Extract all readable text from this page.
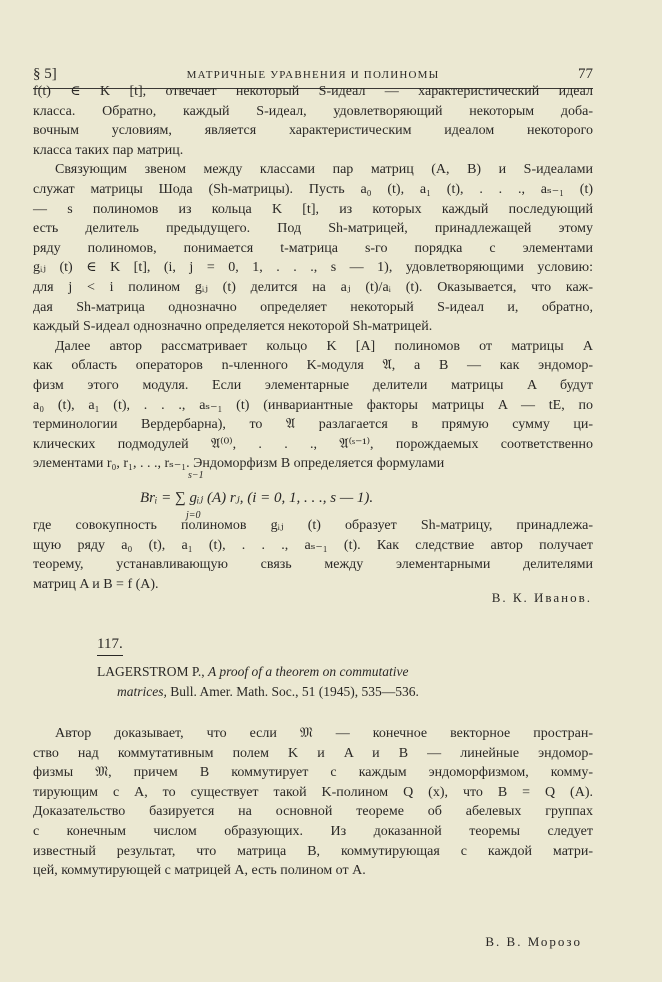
§ 5]	МАТРИЧНЫЕ УРАВНЕНИЯ И ПОЛИНОМЫ	77
f(t) ∈ K [t], отвечает некоторый S-идеал — характеристический идеал
класса. Обратно, каждый S-идеал, удовлетворяющий некоторым доба-
вочным условиям, является характеристическим идеалом некоторого
класса таких пар матриц.
Связующим звеном между классами пар матриц (A, B) и S-идеалами
служат матрицы Шода (Sh-матрицы). Пусть a₀ (t), a₁ (t), . . ., aₛ₋₁ (t)
— s полиномов из кольца K [t], из которых каждый последующий
есть делитель предыдущего. Под Sh-матрицей, принадлежащей этому
ряду полиномов, понимается t-матрица s-го порядка с элементами
gᵢⱼ (t) ∈ K [t], (i, j = 0, 1, . . ., s — 1), удовлетворяющими условию:
для j < i полином gᵢⱼ (t) делится на aⱼ (t)/aᵢ (t). Оказывается, что каж-
дая Sh-матрица однозначно определяет некоторый S-идеал и, обратно,
каждый S-идеал однозначно определяется некоторой Sh-матрицей.
Далее автор рассматривает кольцо K [A] полиномов от матрицы A
как область операторов n-членного K-модуля 𝔄, а B — как эндомор-
физм этого модуля. Если элементарные делители матрицы A будут
a₀ (t), a₁ (t), . . ., aₛ₋₁ (t) (инвариантные факторы матрицы A — tE, по
терминологии Вердербарна), то 𝔄 разлагается в прямую сумму ци-
клических подмодулей 𝔄⁽⁰⁾, . . ., 𝔄⁽ˢ⁻¹⁾, порождаемых соответственно
элементами r₀, r₁, . . ., rₛ₋₁. Эндоморфизм B определяется формулами
s−1
Brᵢ = ∑ gᵢⱼ (A) rⱼ, (i = 0, 1, . . ., s — 1).
j=0
где совокупность полиномов gᵢⱼ (t) образует Sh-матрицу, принадлежа-
щую ряду a₀ (t), a₁ (t), . . ., aₛ₋₁ (t). Как следствие автор получает
теорему, устанавливающую связь между элементарными делителями
матриц A и B = f (A).
В. К. Иванов.
117.
LAGERSTROM P., A proof of a theorem on commutative
matrices, Bull. Amer. Math. Soc., 51 (1945), 535—536.
Автор доказывает, что если 𝔐 — конечное векторное простран-
ство над коммутативным полем K и A и B — линейные эндомор-
физмы 𝔐, причем B коммутирует с каждым эндоморфизмом, комму-
тирующим с A, то существует такой K-полином Q (x), что B = Q (A).
Доказательство базируется на основной теореме об абелевых группах
с конечным числом образующих. Из доказанной теоремы следует
известный результат, что матрица B, коммутирующая с каждой матри-
цей, коммутирующей с матрицей A, есть полином от A.
В. В. Морозо
